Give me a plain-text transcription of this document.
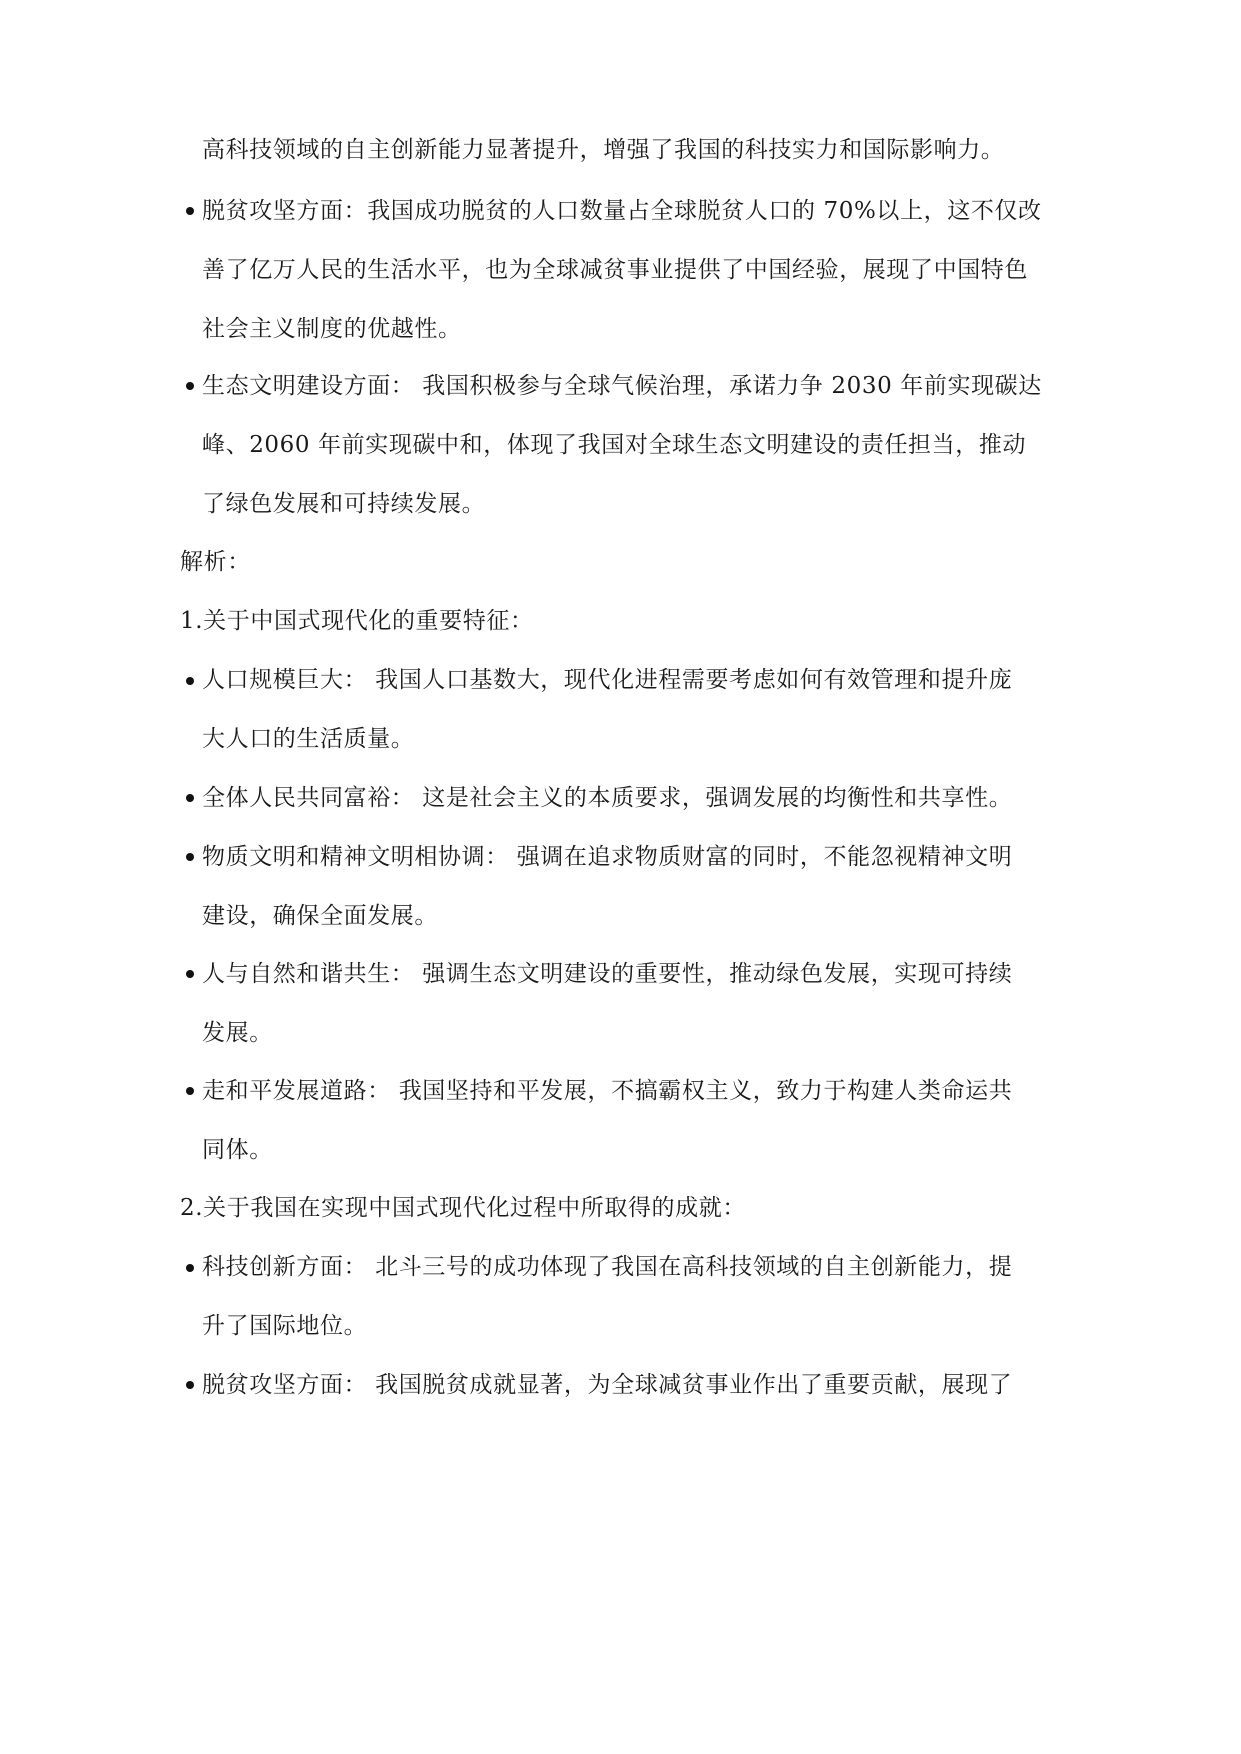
高科技领域的自主创新能力显著提升，增强了我国的科技实力和国际影响力。
脱贫攻坚方面：我国成功脱贫的人口数量占全球脱贫人口的 70%以上，这不仅改
善了亿万人民的生活水平，也为全球减贫事业提供了中国经验，展现了中国特色
社会主义制度的优越性。
生态文明建设方面： 我国积极参与全球气候治理，承诺力争 2030 年前实现碳达
峰、2060 年前实现碳中和，体现了我国对全球生态文明建设的责任担当，推动
了绿色发展和可持续发展。
解析：
1.关于中国式现代化的重要特征：
人口规模巨大： 我国人口基数大，现代化进程需要考虑如何有效管理和提升庞
大人口的生活质量。
全体人民共同富裕： 这是社会主义的本质要求，强调发展的均衡性和共享性。
物质文明和精神文明相协调： 强调在追求物质财富的同时，不能忽视精神文明
建设，确保全面发展。
人与自然和谐共生： 强调生态文明建设的重要性，推动绿色发展，实现可持续
发展。
走和平发展道路： 我国坚持和平发展，不搞霸权主义，致力于构建人类命运共
同体。
2.关于我国在实现中国式现代化过程中所取得的成就：
科技创新方面： 北斗三号的成功体现了我国在高科技领域的自主创新能力，提
升了国际地位。
脱贫攻坚方面： 我国脱贫成就显著，为全球减贫事业作出了重要贡献，展现了
